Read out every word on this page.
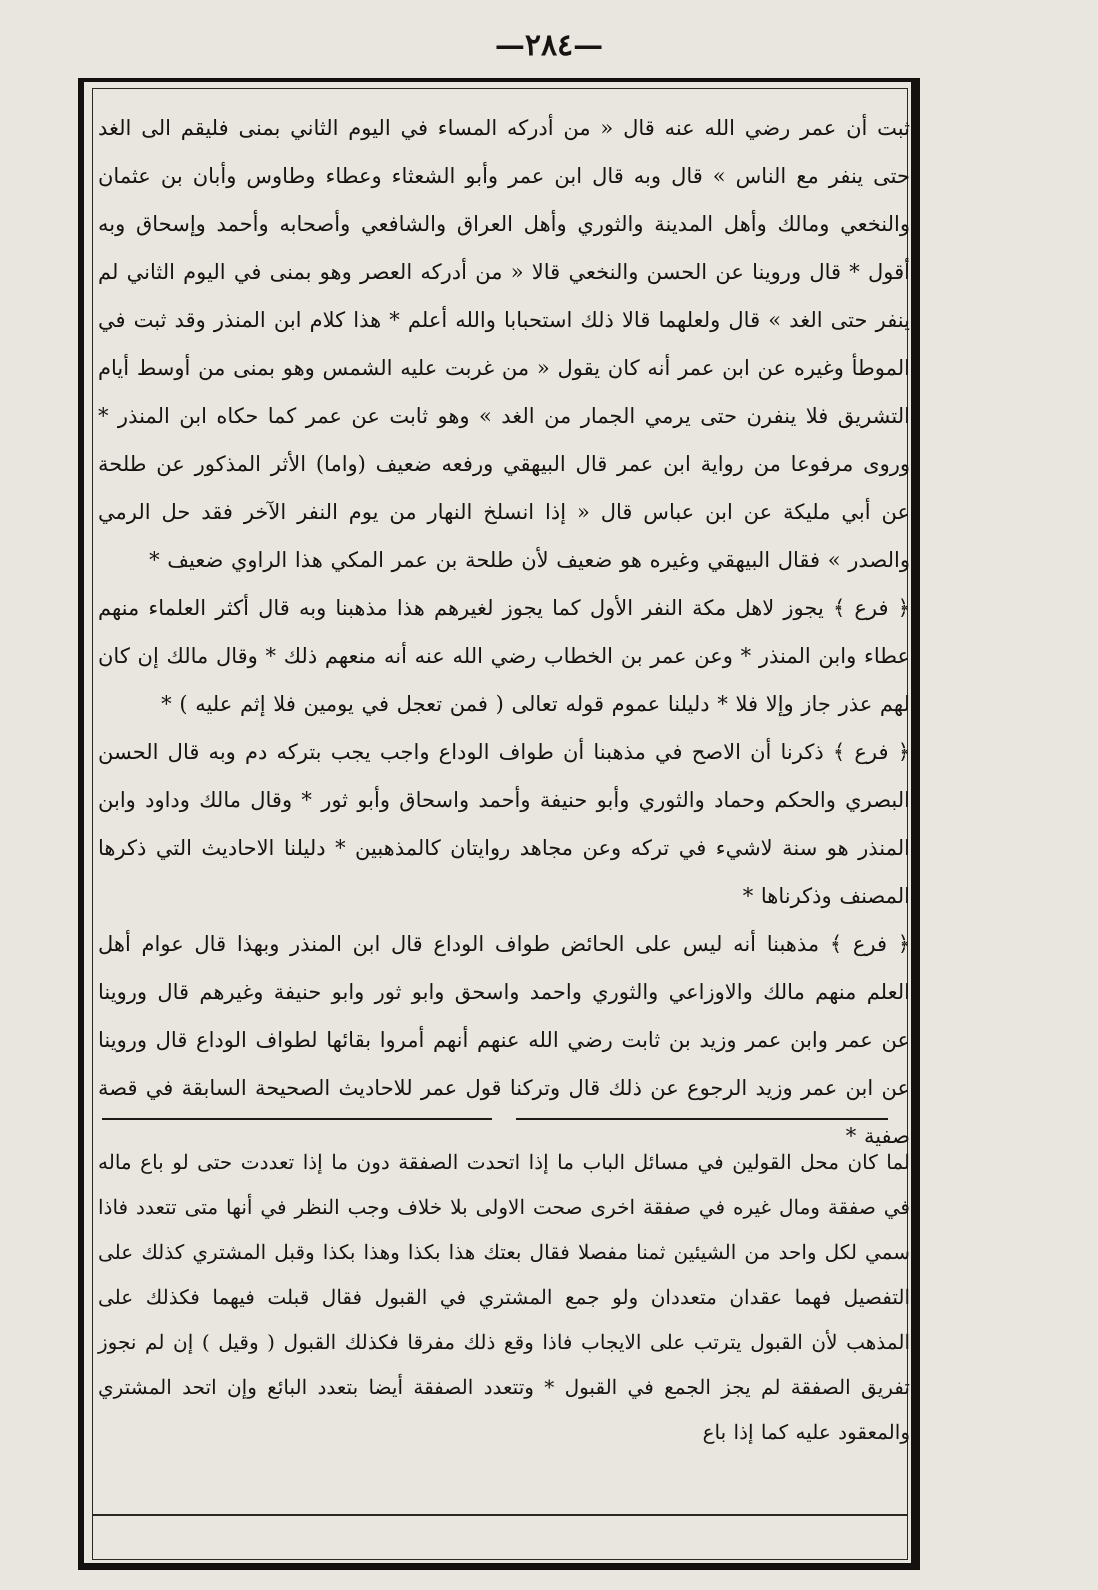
—٢٨٤—

ثبت أن عمر رضي الله عنه قال « من أدركه المساء في اليوم الثاني بمنى فليقم الى الغد حتى ينفر مع الناس » قال وبه قال ابن عمر وأبو الشعثاء وعطاء وطاوس وأبان بن عثمان والنخعي ومالك وأهل المدينة والثوري وأهل العراق والشافعي وأصحابه وأحمد وإسحاق وبه أقول * قال وروينا عن الحسن والنخعي قالا « من أدركه العصر وهو بمنى في اليوم الثاني لم ينفر حتى الغد » قال ولعلهما قالا ذلك استحبابا والله أعلم * هذا كلام ابن المنذر وقد ثبت في الموطأ وغيره عن ابن عمر أنه كان يقول « من غربت عليه الشمس وهو بمنى من أوسط أيام التشريق فلا ينفرن حتى يرمي الجمار من الغد » وهو ثابت عن عمر كما حكاه ابن المنذر * وروى مرفوعا من رواية ابن عمر قال البيهقي ورفعه ضعيف (واما) الأثر المذكور عن طلحة عن أبي مليكة عن ابن عباس قال « إذا انسلخ النهار من يوم النفر الآخر فقد حل الرمي والصدر » فقال البيهقي وغيره هو ضعيف لأن طلحة بن عمر المكي هذا الراوي ضعيف *

﴿ فرع ﴾ يجوز لاهل مكة النفر الأول كما يجوز لغيرهم هذا مذهبنا وبه قال أكثر العلماء منهم عطاء وابن المنذر * وعن عمر بن الخطاب رضي الله عنه أنه منعهم ذلك * وقال مالك إن كان لهم عذر جاز وإلا فلا * دليلنا عموم قوله تعالى ( فمن تعجل في يومين فلا إثم عليه ) *

﴿ فرع ﴾ ذكرنا أن الاصح في مذهبنا أن طواف الوداع واجب يجب بتركه دم وبه قال الحسن البصري والحكم وحماد والثوري وأبو حنيفة وأحمد واسحاق وأبو ثور * وقال مالك وداود وابن المنذر هو سنة لاشيء في تركه وعن مجاهد روايتان كالمذهبين * دليلنا الاحاديث التي ذكرها المصنف وذكرناها *

﴿ فرع ﴾ مذهبنا أنه ليس على الحائض طواف الوداع قال ابن المنذر وبهذا قال عوام أهل العلم منهم مالك والاوزاعي والثوري واحمد واسحق وابو ثور وابو حنيفة وغيرهم قال وروينا عن عمر وابن عمر وزيد بن ثابت رضي الله عنهم أنهم أمروا بقائها لطواف الوداع قال وروينا عن ابن عمر وزيد الرجوع عن ذلك قال وتركنا قول عمر للاحاديث الصحيحة السابقة في قصة صفية *

لما كان محل القولين في مسائل الباب ما إذا اتحدت الصفقة دون ما إذا تعددت حتى لو باع ماله في صفقة ومال غيره في صفقة اخرى صحت الاولى بلا خلاف وجب النظر في أنها متى تتعدد فاذا سمي لكل واحد من الشيئين ثمنا مفصلا فقال بعتك هذا بكذا وهذا بكذا وقبل المشتري كذلك على التفصيل فهما عقدان متعددان ولو جمع المشتري في القبول فقال قبلت فيهما فكذلك على المذهب لأن القبول يترتب على الايجاب فاذا وقع ذلك مفرقا فكذلك القبول ( وقيل ) إن لم نجوز تفريق الصفقة لم يجز الجمع في القبول * وتتعدد الصفقة أيضا بتعدد البائع وإن اتحد المشتري والمعقود عليه كما إذا باع
